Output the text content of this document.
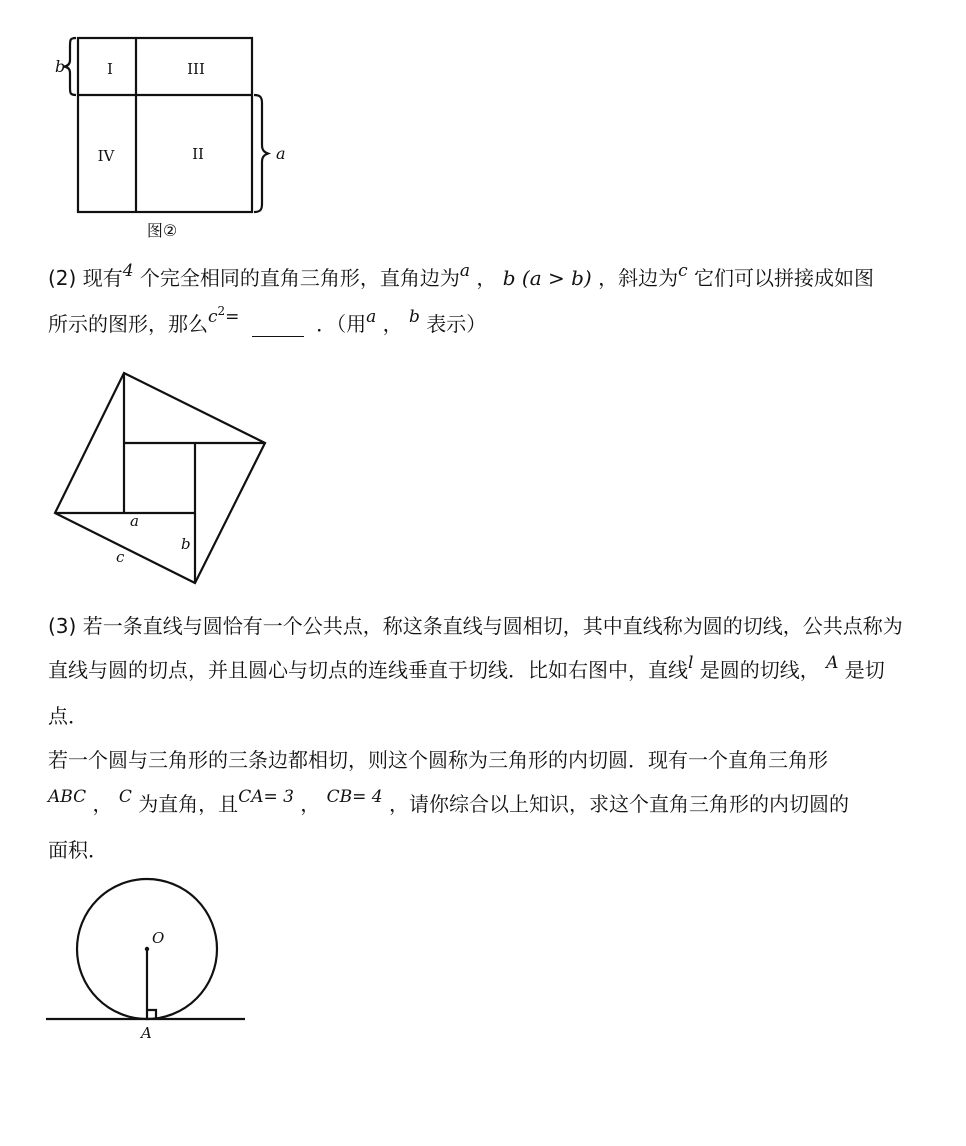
I	III
IV	II
b
a
图②
(2) 现有$^4$ 个完全相同的直角三角形，直角边为$^a$ ， b (a > b) ，斜边为$^c$ 它们可以拼接成如图
所示的图形，那么$^{c^2=}$	．（用$^a$ ， $^b$ 表示）
a
b
c
(3) 若一条直线与圆恰有一个公共点，称这条直线与圆相切，其中直线称为圆的切线，公共点称为
直线与圆的切点，并且圆心与切点的连线垂直于切线．比如右图中，直线$^l$ 是圆的切线， $^A$ 是切
点．
若一个圆与三角形的三条边都相切，则这个圆称为三角形的内切圆．现有一个直角三角形
$^{ABC}$ ， $^C$ 为直角，且$^{CA= 3}$ ， $^{CB= 4}$ ，请你综合以上知识，求这个直角三角形的内切圆的
面积．
O
A
